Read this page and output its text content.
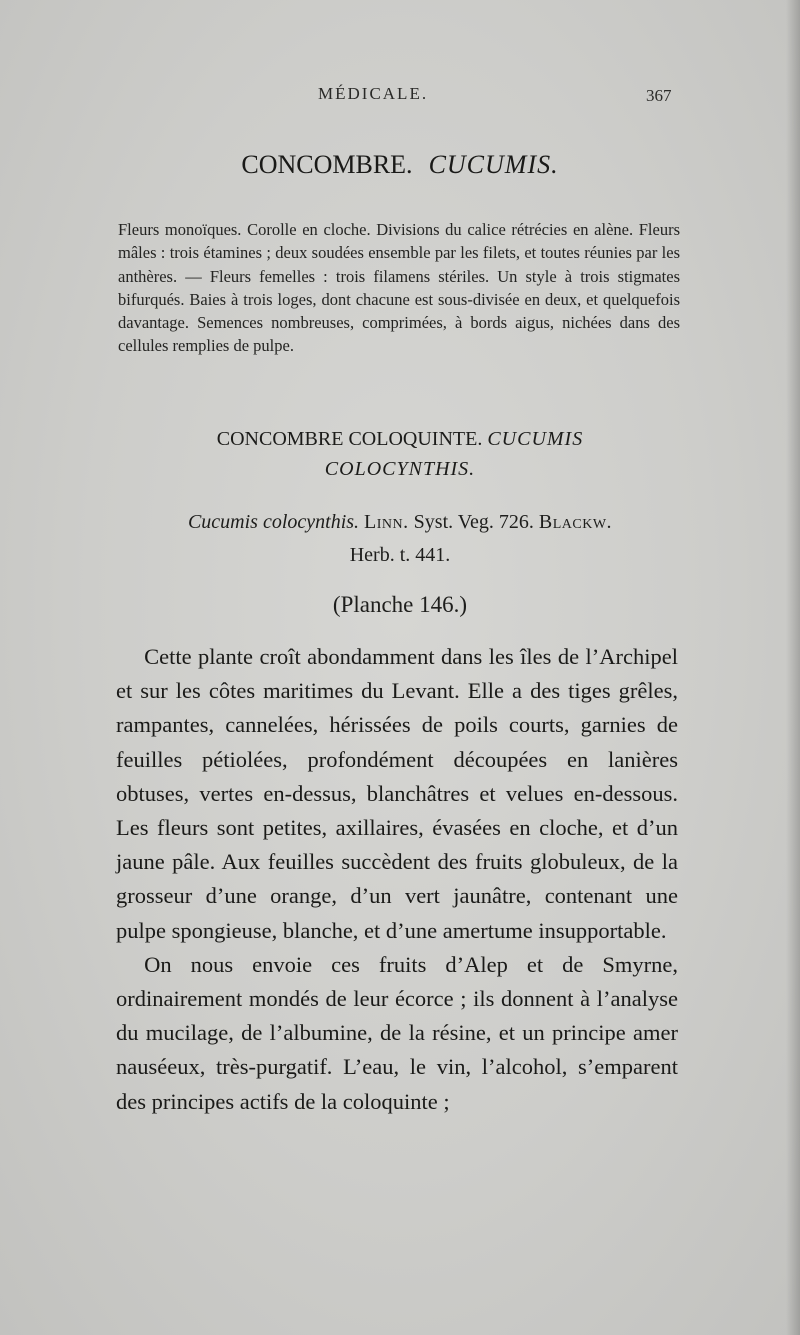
MÉDICALE.	367
CONCOMBRE. CUCUMIS.

Fleurs monoïques. Corolle en cloche. Divisions du calice rétrécies en alène. Fleurs mâles : trois étamines ; deux soudées ensemble par les filets, et toutes réunies par les anthères. — Fleurs femelles : trois filamens stériles. Un style à trois stigmates bifurqués. Baies à trois loges, dont chacune est sous-divisée en deux, et quelquefois davantage. Semences nombreuses, comprimées, à bords aigus, nichées dans des cellules remplies de pulpe.

CONCOMBRE COLOQUINTE. CUCUMIS
COLOCYNTHIS.
Cucumis colocynthis. Linn. Syst. Veg. 726. Blackw.
Herb. t. 441.
(Planche 146.)

Cette plante croît abondamment dans les îles de l’Archipel et sur les côtes maritimes du Levant. Elle a des tiges grêles, rampantes, cannelées, hérissées de poils courts, garnies de feuilles pétiolées, profondément découpées en lanières obtuses, vertes en-dessus, blanchâtres et velues en-dessous. Les fleurs sont petites, axillaires, évasées en cloche, et d’un jaune pâle. Aux feuilles succèdent des fruits globuleux, de la grosseur d’une orange, d’un vert jaunâtre, contenant une pulpe spongieuse, blanche, et d’une amertume insupportable.

On nous envoie ces fruits d’Alep et de Smyrne, ordinairement mondés de leur écorce ; ils donnent à l’analyse du mucilage, de l’albumine, de la résine, et un principe amer nauséeux, très-purgatif. L’eau, le vin, l’alcohol, s’emparent des principes actifs de la coloquinte ;
